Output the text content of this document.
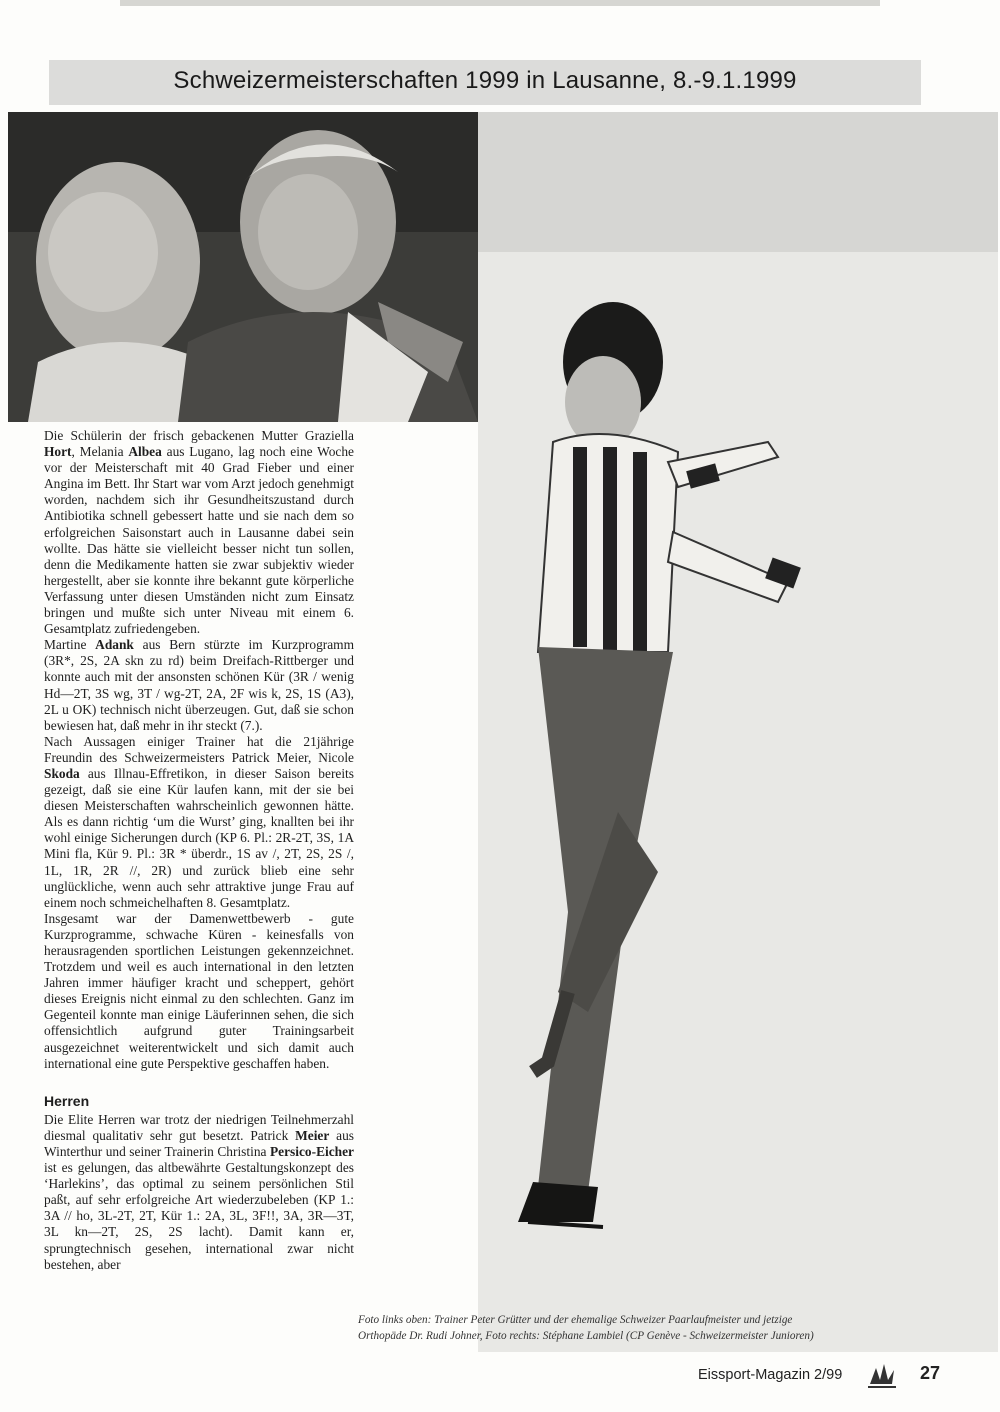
Schweizermeisterschaften 1999 in Lausanne, 8.-9.1.1999

Die Schülerin der frisch gebackenen Mutter Graziella Hort, Melania Albea aus Lugano, lag noch eine Woche vor der Meisterschaft mit 40 Grad Fieber und einer Angina im Bett. Ihr Start war vom Arzt jedoch genehmigt worden, nachdem sich ihr Gesundheitszustand durch Antibiotika schnell gebessert hatte und sie nach dem so erfolgreichen Saisonstart auch in Lausanne dabei sein wollte. Das hätte sie vielleicht besser nicht tun sollen, denn die Medikamente hatten sie zwar subjektiv wieder hergestellt, aber sie konnte ihre bekannt gute körperliche Verfassung unter diesen Umständen nicht zum Einsatz bringen und mußte sich unter Niveau mit einem 6. Gesamtplatz zufriedengeben.

Martine Adank aus Bern stürzte im Kurzprogramm (3R*, 2S, 2A skn zu rd) beim Dreifach-Rittberger und konnte auch mit der ansonsten schönen Kür (3R / wenig Hd—2T, 3S wg, 3T / wg-2T, 2A, 2F wis k, 2S, 1S (A3), 2L u OK) technisch nicht überzeugen. Gut, daß sie schon bewiesen hat, daß mehr in ihr steckt (7.).

Nach Aussagen einiger Trainer hat die 21jährige Freundin des Schweizermeisters Patrick Meier, Nicole Skoda aus Illnau-Effretikon, in dieser Saison bereits gezeigt, daß sie eine Kür laufen kann, mit der sie bei diesen Meisterschaften wahrscheinlich gewonnen hätte. Als es dann richtig ‘um die Wurst’ ging, knallten bei ihr wohl einige Sicherungen durch (KP 6. Pl.: 2R-2T, 3S, 1A Mini fla, Kür 9. Pl.: 3R * überdr., 1S av /, 2T, 2S, 2S /, 1L, 1R, 2R //, 2R) und zurück blieb eine sehr unglückliche, wenn auch sehr attraktive junge Frau auf einem noch schmeichelhaften 8. Gesamtplatz.

Insgesamt war der Damenwettbewerb - gute Kurzprogramme, schwache Küren - keinesfalls von herausragenden sportlichen Leistungen gekennzeichnet. Trotzdem und weil es auch international in den letzten Jahren immer häufiger kracht und scheppert, gehört dieses Ereignis nicht einmal zu den schlechten. Ganz im Gegenteil konnte man einige Läuferinnen sehen, die sich offensichtlich aufgrund guter Trainingsarbeit ausgezeichnet weiterentwickelt und sich damit auch international eine gute Perspektive geschaffen haben.

Herren

Die Elite Herren war trotz der niedrigen Teilnehmerzahl diesmal qualitativ sehr gut besetzt. Patrick Meier aus Winterthur und seiner Trainerin Christina Persico-Eicher ist es gelungen, das altbewährte Gestaltungskonzept des ‘Harlekins’, das optimal zu seinem persönlichen Stil paßt, auf sehr erfolgreiche Art wiederzubeleben (KP 1.: 3A // ho, 3L-2T, 2T, Kür 1.: 2A, 3L, 3F!!, 3A, 3R—3T, 3L kn—2T, 2S, 2S lacht). Damit kann er, sprungtechnisch gesehen, international zwar nicht bestehen, aber

Foto links oben: Trainer Peter Grütter und der ehemalige Schweizer Paarlaufmeister und jetzige
Orthopäde Dr. Rudi Johner, Foto rechts: Stéphane Lambiel (CP Genève - Schweizermeister Junioren)
Eissport-Magazin 2/99	27
